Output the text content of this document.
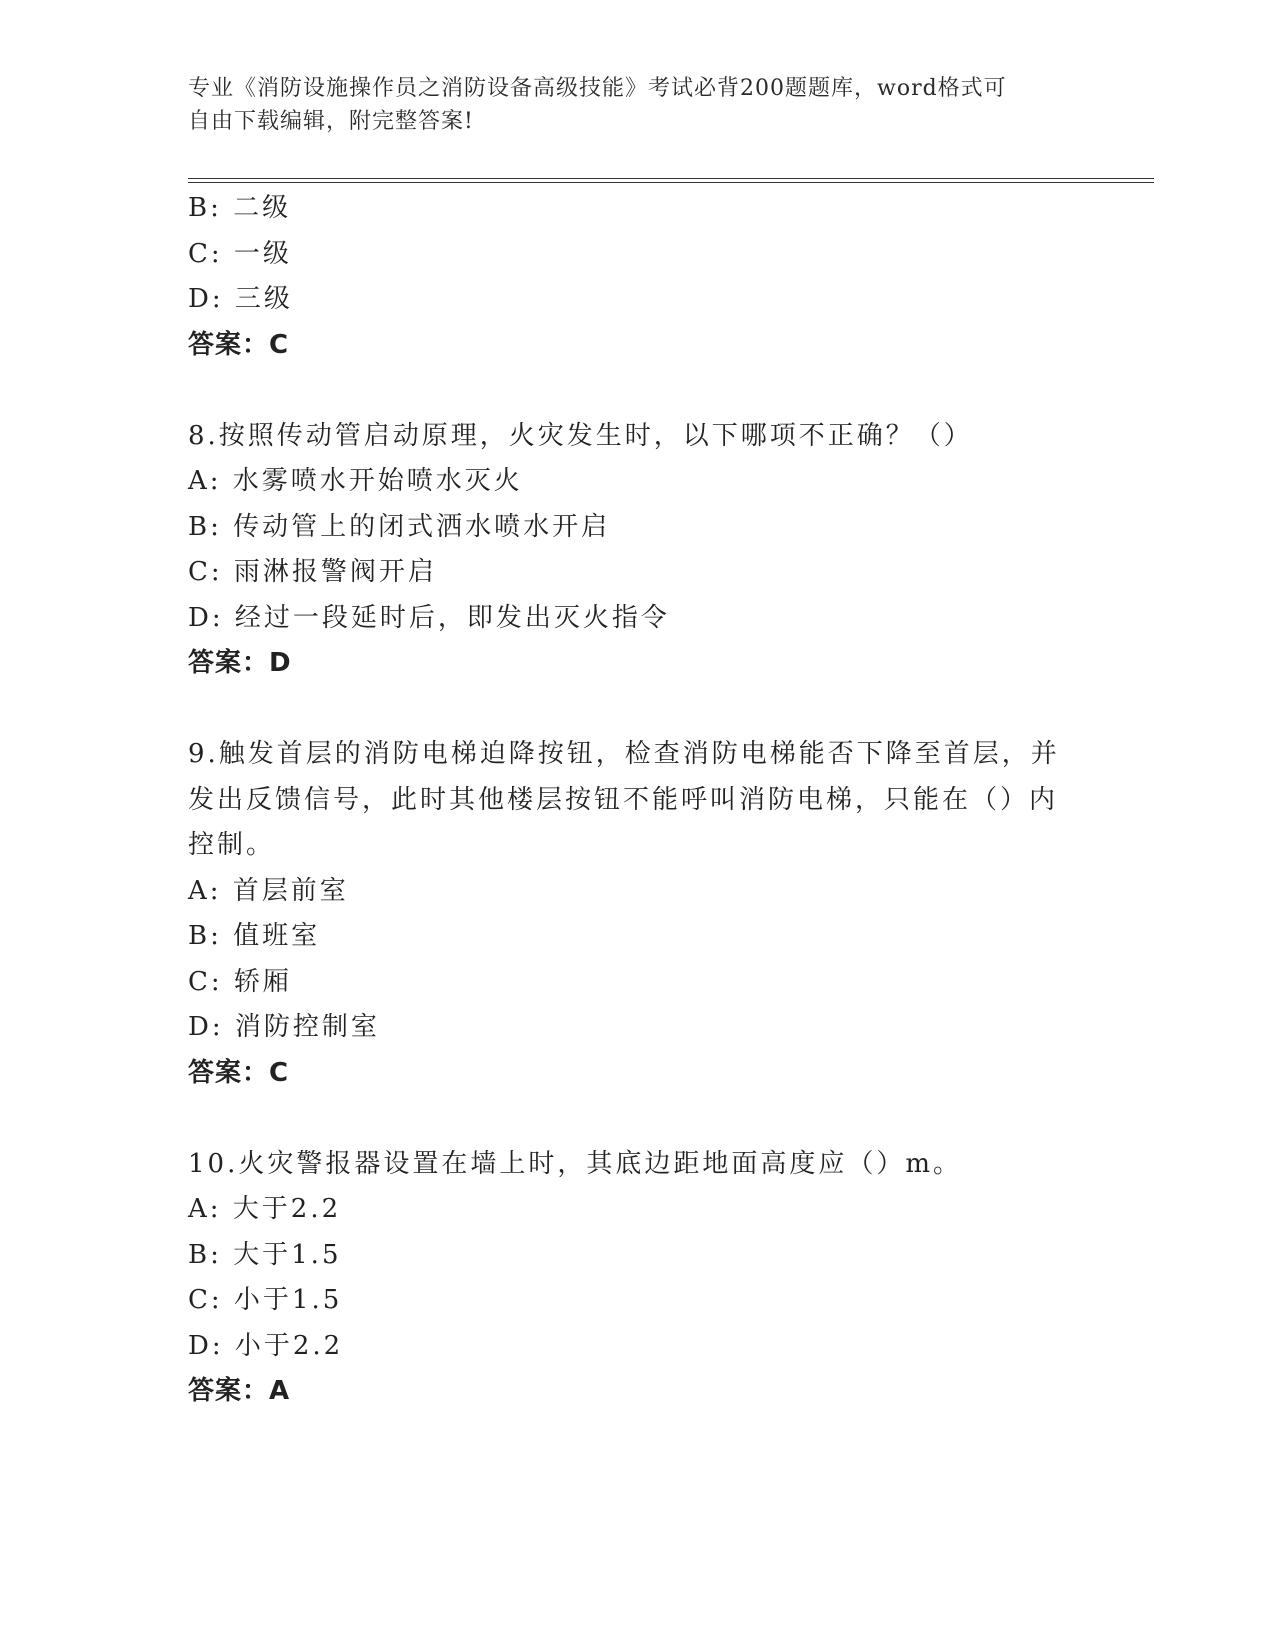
专业《消防设施操作员之消防设备高级技能》考试必背200题题库，word格式可
自由下载编辑，附完整答案!
B: 二级
C: 一级
D: 三级
答案：C
8.按照传动管启动原理，火灾发生时，以下哪项不正确？（）
A: 水雾喷水开始喷水灭火
B: 传动管上的闭式洒水喷水开启
C: 雨淋报警阀开启
D: 经过一段延时后，即发出灭火指令
答案：D
9.触发首层的消防电梯迫降按钮，检查消防电梯能否下降至首层，并
发出反馈信号，此时其他楼层按钮不能呼叫消防电梯，只能在（）内
控制。
A: 首层前室
B: 值班室
C: 轿厢
D: 消防控制室
答案：C
10.火灾警报器设置在墙上时，其底边距地面高度应（）m。
A: 大于2.2
B: 大于1.5
C: 小于1.5
D: 小于2.2
答案：A
